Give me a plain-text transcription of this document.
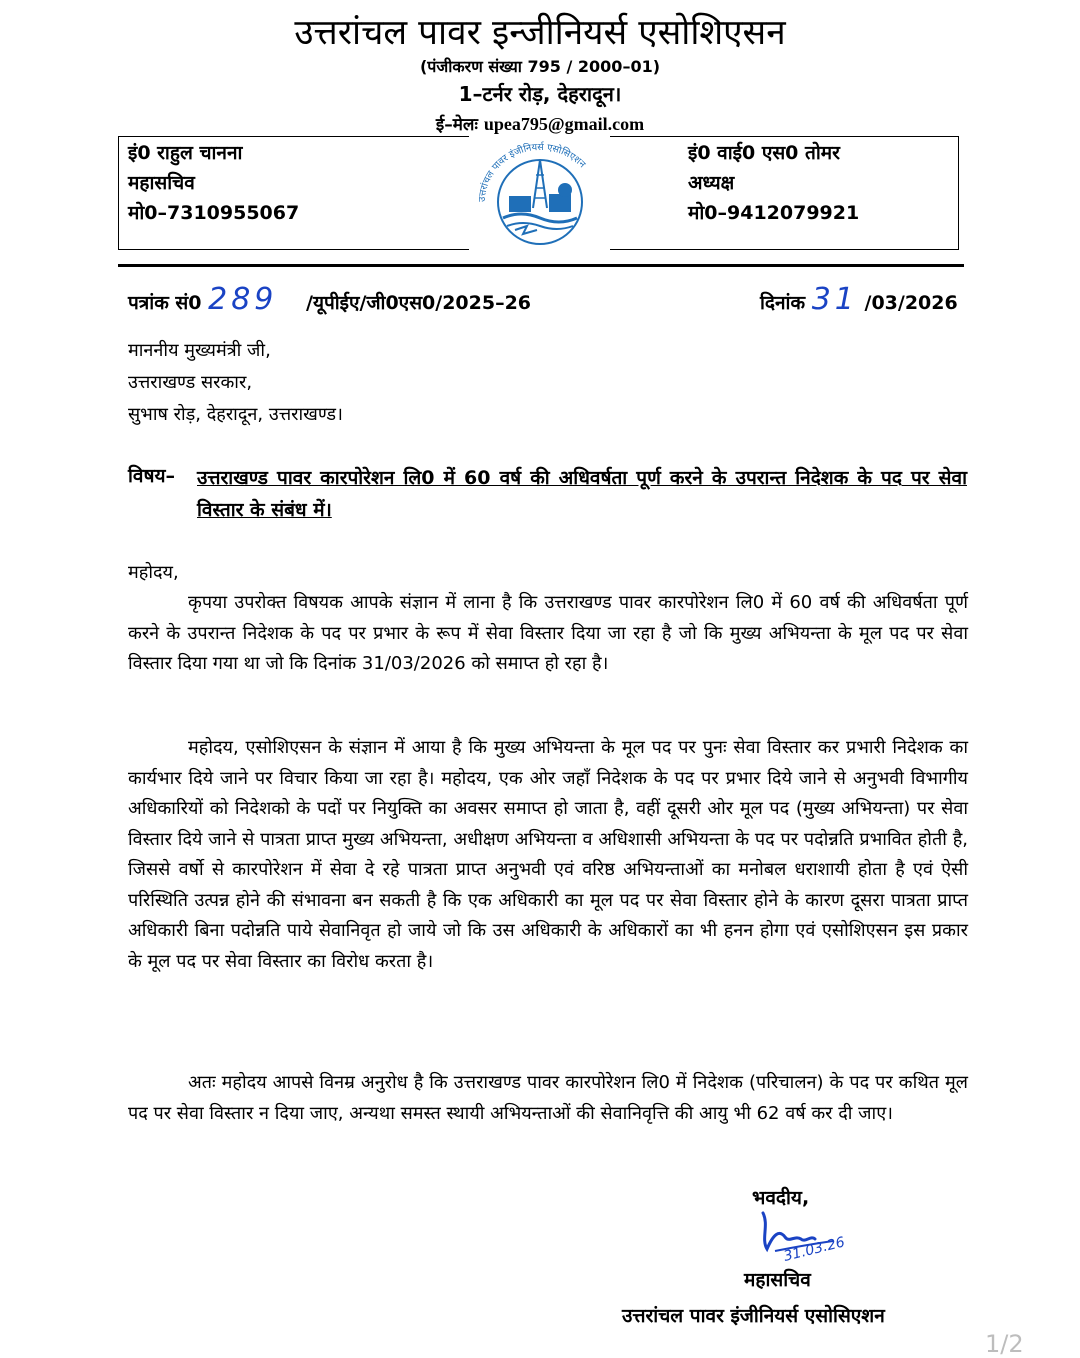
उत्तरांचल पावर इन्जीनियर्स एसोशिएसन
(पंजीकरण संख्या 795 / 2000–01)
1–टर्नर रोड़, देहरादून।
ई–मेलः upea795@gmail.com
इं0 राहुल चानना
महासचिव
मो0–7310955067
इं0 वाई0 एस0 तोमर
अध्यक्ष
मो0–9412079921
उत्तरांचल पावर इंजीनियर्स एसोसिएशन
पत्रांक सं0 289 /यूपीईए/जी0एस0/2025–26	दिनांक 31 /03/2026
माननीय मुख्यमंत्री जी,
उत्तराखण्ड सरकार,
सुभाष रोड़, देहरादून, उत्तराखण्ड।
विषय– उत्तराखण्ड पावर कारपोरेशन लि0 में 60 वर्ष की अधिवर्षता पूर्ण करने के उपरान्त निदेशक के पद पर सेवा विस्तार के संबंध में।
महोदय,
कृपया उपरोक्त विषयक आपके संज्ञान में लाना है कि उत्तराखण्ड पावर कारपोरेशन लि0 में 60 वर्ष की अधिवर्षता पूर्ण करने के उपरान्त निदेशक के पद पर प्रभार के रूप में सेवा विस्तार दिया जा रहा है जो कि मुख्य अभियन्ता के मूल पद पर सेवा विस्तार दिया गया था जो कि दिनांक 31/03/2026 को समाप्त हो रहा है।
महोदय, एसोशिएसन के संज्ञान में आया है कि मुख्य अभियन्ता के मूल पद पर पुनः सेवा विस्तार कर प्रभारी निदेशक का कार्यभार दिये जाने पर विचार किया जा रहा है। महोदय, एक ओर जहाँ निदेशक के पद पर प्रभार दिये जाने से अनुभवी विभागीय अधिकारियों को निदेशको के पदों पर नियुक्ति का अवसर समाप्त हो जाता है, वहीं दूसरी ओर मूल पद (मुख्य अभियन्ता) पर सेवा विस्तार दिये जाने से पात्रता प्राप्त मुख्य अभियन्ता, अधीक्षण अभियन्ता व अधिशासी अभियन्ता के पद पर पदोन्नति प्रभावित होती है, जिससे वर्षो से कारपोरेशन में सेवा दे रहे पात्रता प्राप्त अनुभवी एवं वरिष्ठ अभियन्ताओं का मनोबल धराशायी होता है एवं ऐसी परिस्थिति उत्पन्न होने की संभावना बन सकती है कि एक अधिकारी का मूल पद पर सेवा विस्तार होने के कारण दूसरा पात्रता प्राप्त अधिकारी बिना पदोन्नति पाये सेवानिवृत हो जाये जो कि उस अधिकारी के अधिकारों का भी हनन होगा एवं एसोशिएसन इस प्रकार के मूल पद पर सेवा विस्तार का विरोध करता है।
अतः महोदय आपसे विनम्र अनुरोध है कि उत्तराखण्ड पावर कारपोरेशन लि0 में निदेशक (परिचालन) के पद पर कथित मूल पद पर सेवा विस्तार न दिया जाए, अन्यथा समस्त स्थायी अभियन्ताओं की सेवानिवृत्ति की आयु भी 62 वर्ष कर दी जाए।
भवदीय,
31.03.26
महासचिव
उत्तरांचल पावर इंजीनियर्स एसोसिएशन
1/2
